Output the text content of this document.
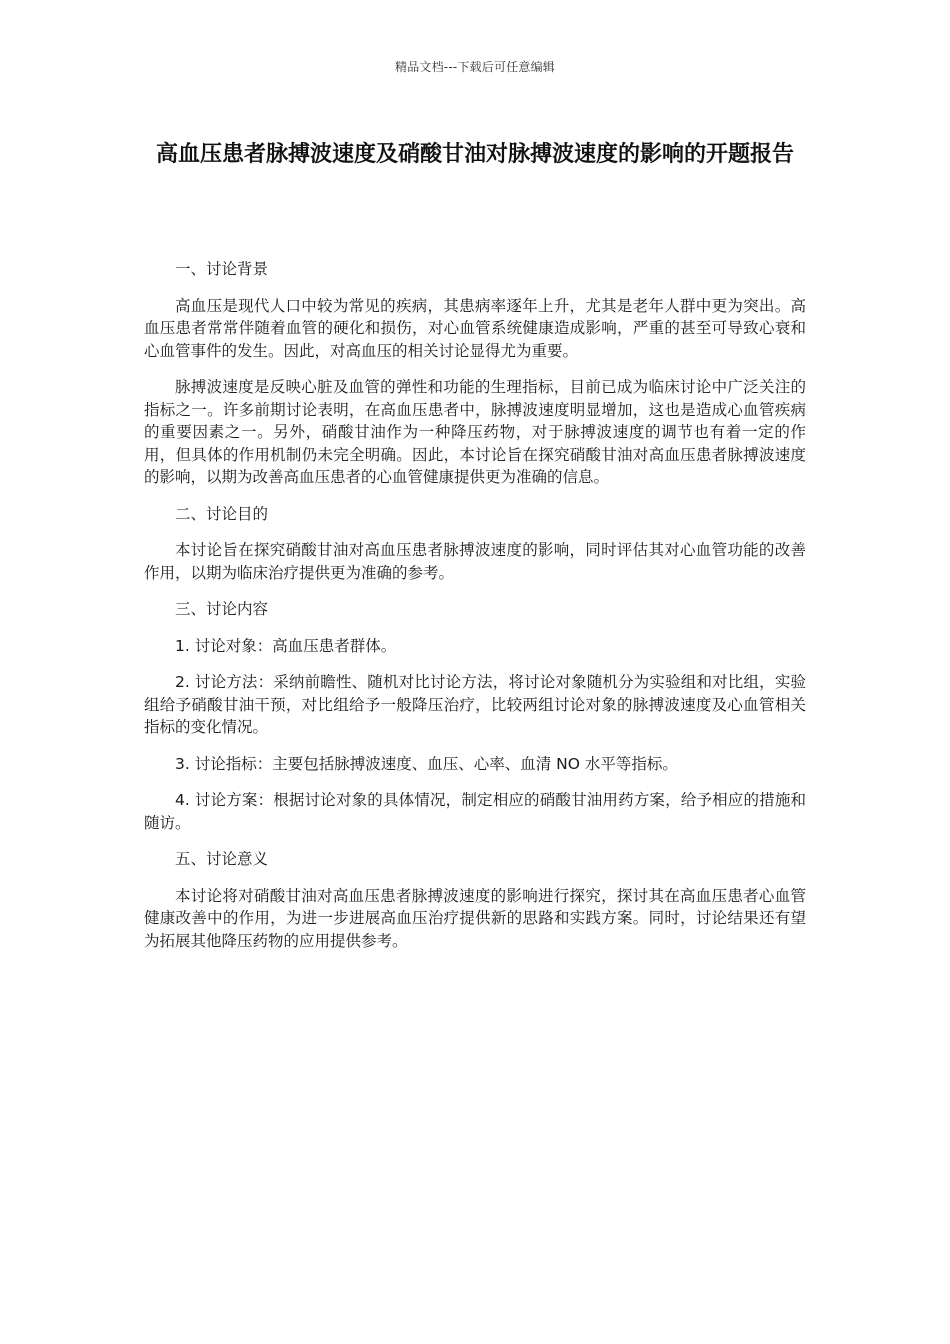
精品文档---下载后可任意编辑
高血压患者脉搏波速度及硝酸甘油对脉搏波速度的影响的开题报告

一、讨论背景

高血压是现代人口中较为常见的疾病，其患病率逐年上升，尤其是老年人群中更为突出。高血压患者常常伴随着血管的硬化和损伤，对心血管系统健康造成影响，严重的甚至可导致心衰和心血管事件的发生。因此，对高血压的相关讨论显得尤为重要。

脉搏波速度是反映心脏及血管的弹性和功能的生理指标，目前已成为临床讨论中广泛关注的指标之一。许多前期讨论表明，在高血压患者中，脉搏波速度明显增加，这也是造成心血管疾病的重要因素之一。另外，硝酸甘油作为一种降压药物，对于脉搏波速度的调节也有着一定的作用，但具体的作用机制仍未完全明确。因此，本讨论旨在探究硝酸甘油对高血压患者脉搏波速度的影响，以期为改善高血压患者的心血管健康提供更为准确的信息。

二、讨论目的

本讨论旨在探究硝酸甘油对高血压患者脉搏波速度的影响，同时评估其对心血管功能的改善作用，以期为临床治疗提供更为准确的参考。

三、讨论内容

1. 讨论对象：高血压患者群体。

2. 讨论方法：采纳前瞻性、随机对比讨论方法，将讨论对象随机分为实验组和对比组，实验组给予硝酸甘油干预，对比组给予一般降压治疗，比较两组讨论对象的脉搏波速度及心血管相关指标的变化情况。

3. 讨论指标：主要包括脉搏波速度、血压、心率、血清 NO 水平等指标。

4. 讨论方案：根据讨论对象的具体情况，制定相应的硝酸甘油用药方案，给予相应的措施和随访。

五、讨论意义

本讨论将对硝酸甘油对高血压患者脉搏波速度的影响进行探究，探讨其在高血压患者心血管健康改善中的作用，为进一步进展高血压治疗提供新的思路和实践方案。同时，讨论结果还有望为拓展其他降压药物的应用提供参考。
